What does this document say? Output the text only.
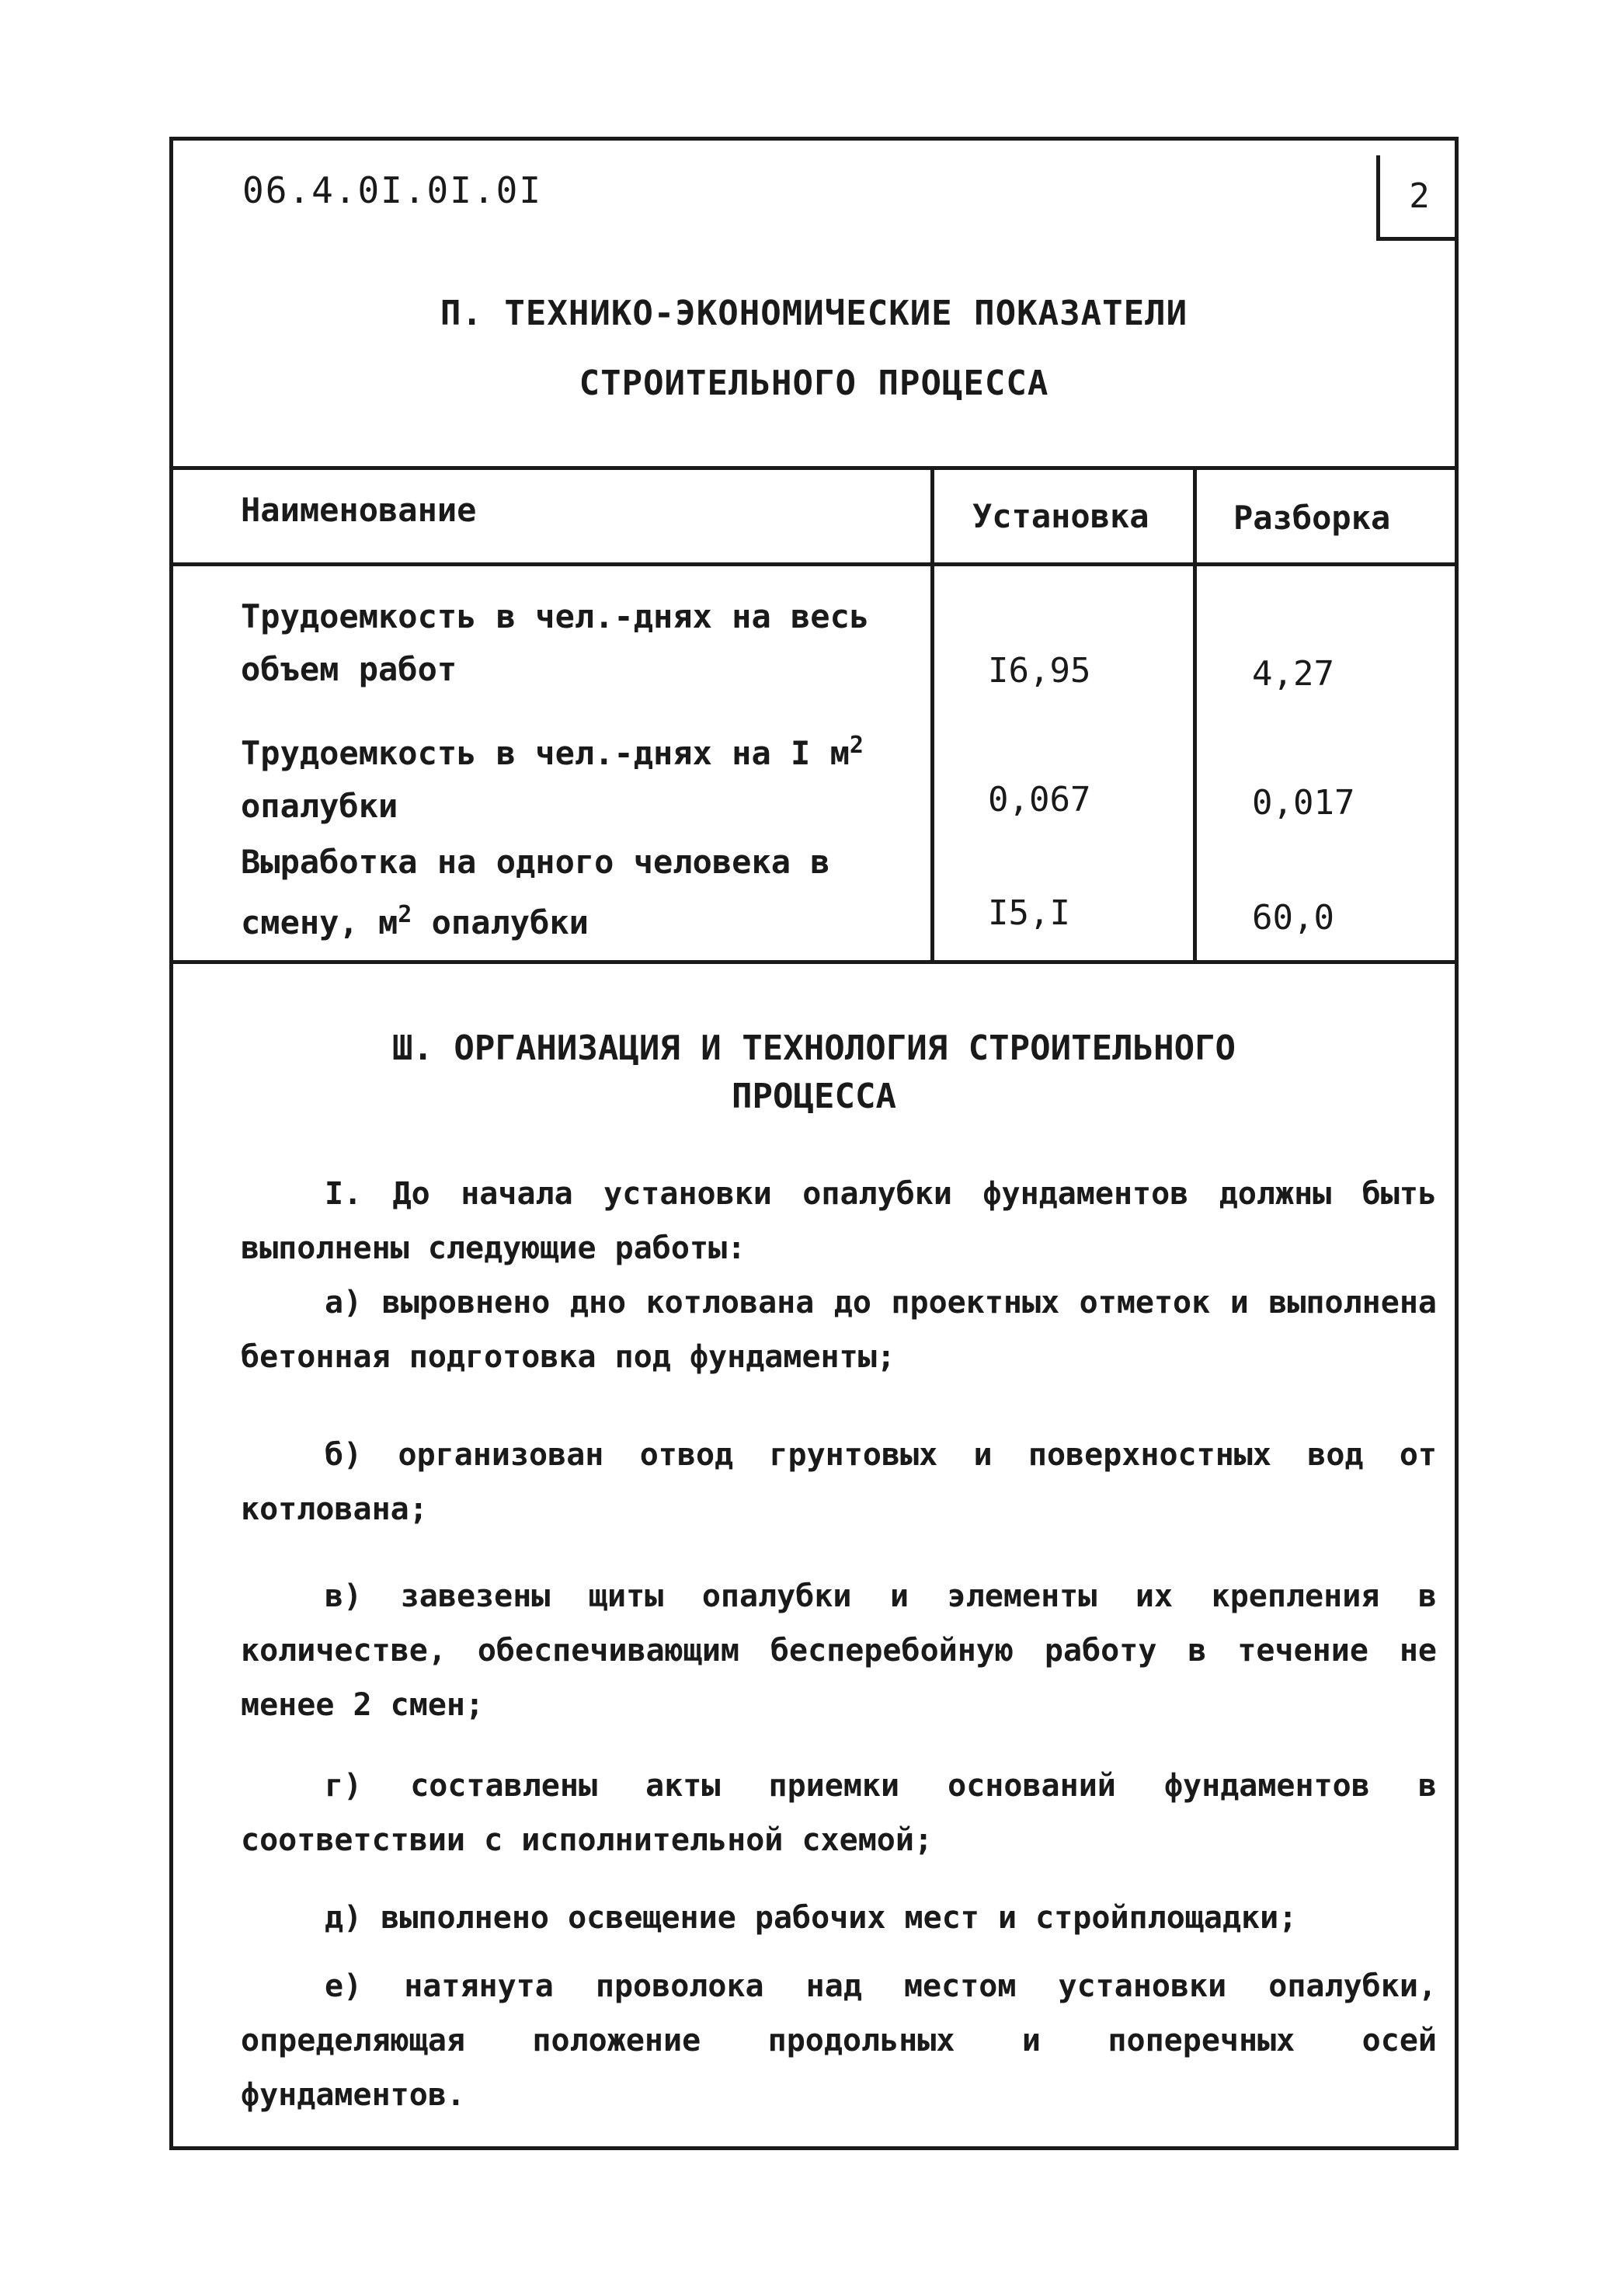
06.4.0I.0I.0I	2
П. ТЕХНИКО-ЭКОНОМИЧЕСКИЕ ПОКАЗАТЕЛИ
СТРОИТЕЛЬНОГО ПРОЦЕССА
Наименование	Установка	Разборка
Трудоемкость в чел.-днях на весь
объем работ	I6,95	4,27
Трудоемкость в чел.-днях на I $м^2$
опалубки	0,067	0,017
Выработка на одного человека в
смену, $м^2$ опалубки	I5,I	60,0
Ш. ОРГАНИЗАЦИЯ И ТЕХНОЛОГИЯ СТРОИТЕЛЬНОГО
ПРОЦЕССА
I. До начала установки опалубки фундаментов должны быть выполнены следующие работы:
а) выровнено дно котлована до проектных отметок и выполнена бетонная подготовка под фундаменты;
б) организован отвод грунтовых и поверхностных вод от котлована;
в) завезены щиты опалубки и элементы их крепления в количестве, обеспечивающим бесперебойную работу в течение не менее 2 смен;
г) составлены акты приемки оснований фундаментов в соответствии с исполнительной схемой;
д) выполнено освещение рабочих мест и стройплощадки;
е) натянута проволока над местом установки опалубки, определяющая положение продольных и поперечных осей фундаментов.
